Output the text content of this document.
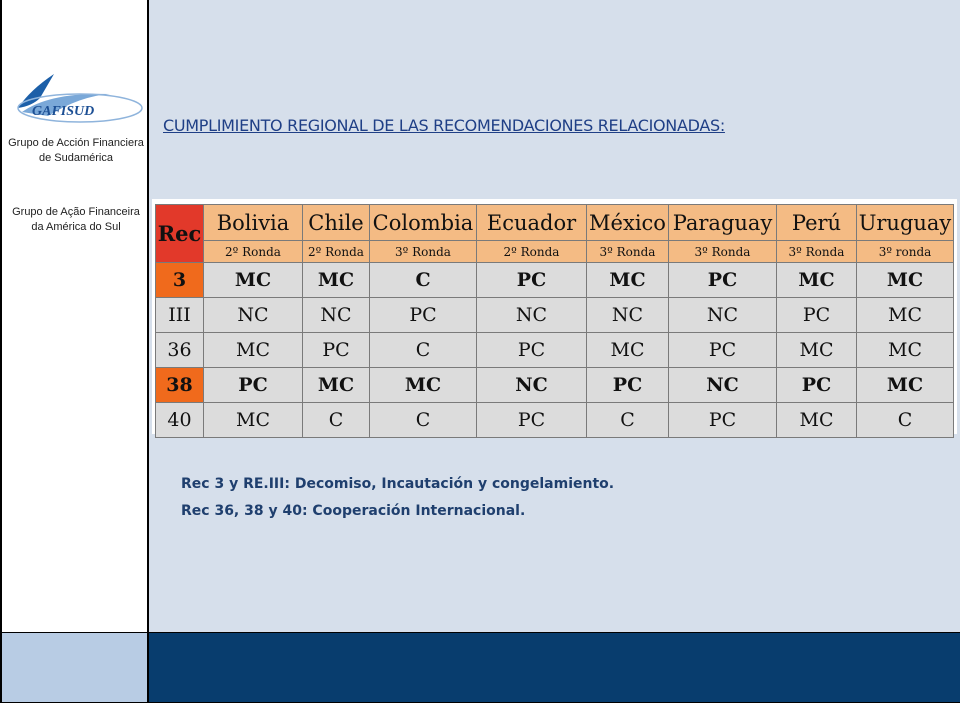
GAFISUD
Grupo de Acción Financiera de Sudamérica
Grupo de Ação Financeira da América do Sul
CUMPLIMIENTO REGIONAL DE LAS RECOMENDACIONES RELACIONADAS:
Rec	Bolivia	Chile	Colombia	Ecuador	México	Paraguay	Perú	Uruguay
	2º Ronda	2º Ronda	3º Ronda	2º Ronda	3º Ronda	3º Ronda	3º Ronda	3º ronda
3	MC	MC	C	PC	MC	PC	MC	MC
III	NC	NC	PC	NC	NC	NC	PC	MC
36	MC	PC	C	PC	MC	PC	MC	MC
38	PC	MC	MC	NC	PC	NC	PC	MC
40	MC	C	C	PC	C	PC	MC	C
Rec 3 y RE.III: Decomiso, Incautación y congelamiento.
Rec 36, 38 y 40: Cooperación Internacional.
